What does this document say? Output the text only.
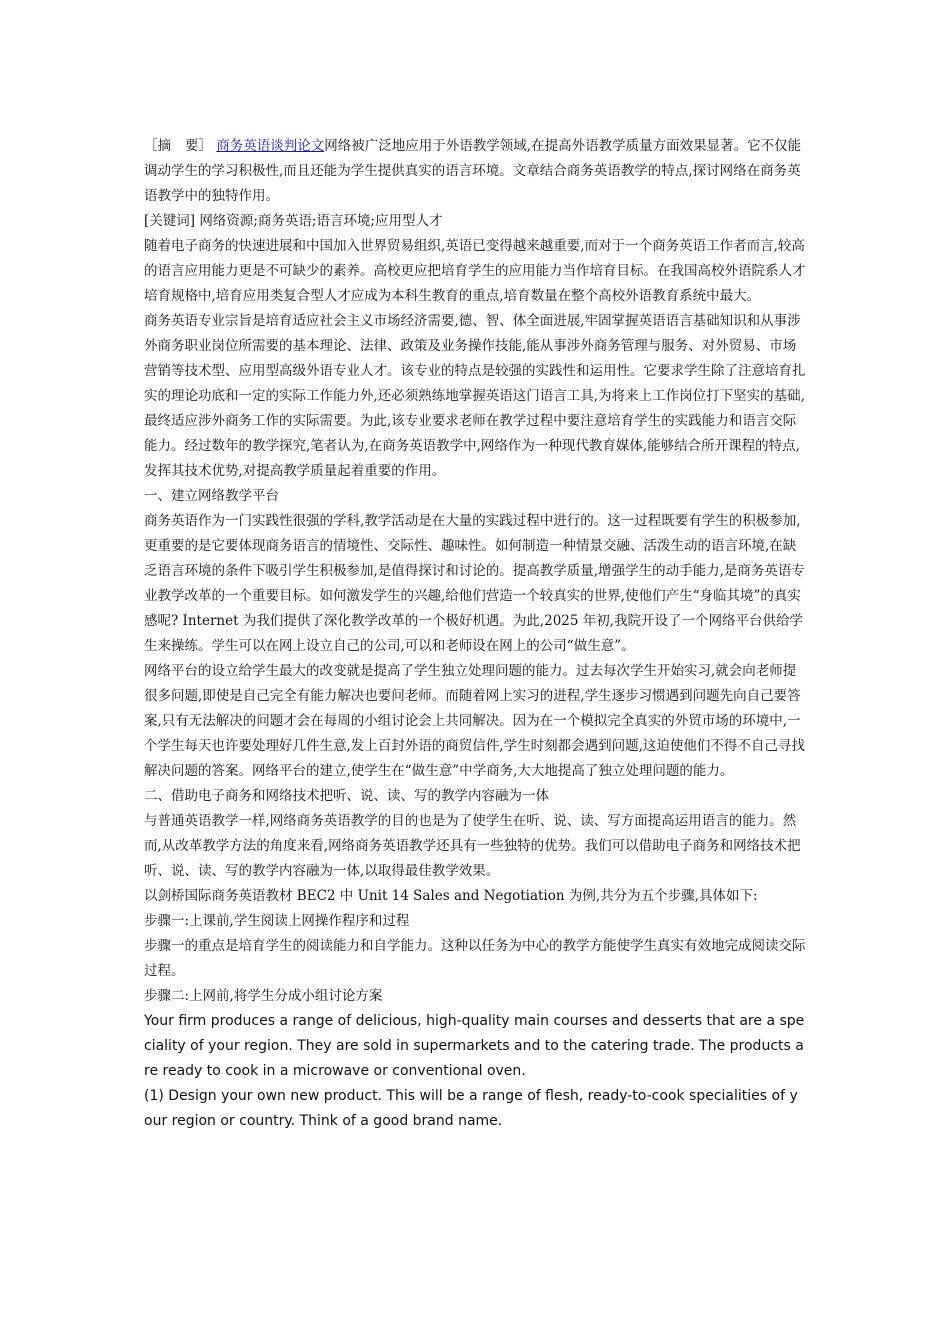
［摘 要］ 商务英语谈判论文网络被广泛地应用于外语教学领域,在提高外语教学质量方面效果显著。它不仅能调动学生的学习积极性,而且还能为学生提供真实的语言环境。文章结合商务英语教学的特点,探讨网络在商务英语教学中的独特作用。

[关键词] 网络资源;商务英语;语言环境;应用型人才

随着电子商务的快速进展和中国加入世界贸易组织,英语已变得越来越重要,而对于一个商务英语工作者而言,较高的语言应用能力更是不可缺少的素养。高校更应把培育学生的应用能力当作培育目标。在我国高校外语院系人才培育规格中,培育应用类复合型人才应成为本科生教育的重点,培育数量在整个高校外语教育系统中最大。

商务英语专业宗旨是培育适应社会主义市场经济需要,德、智、体全面进展,牢固掌握英语语言基础知识和从事涉外商务职业岗位所需要的基本理论、法律、政策及业务操作技能,能从事涉外商务管理与服务、对外贸易、市场营销等技术型、应用型高级外语专业人才。该专业的特点是较强的实践性和运用性。它要求学生除了注意培育扎实的理论功底和一定的实际工作能力外,还必须熟练地掌握英语这门语言工具,为将来上工作岗位打下坚实的基础,最终适应涉外商务工作的实际需要。为此,该专业要求老师在教学过程中要注意培育学生的实践能力和语言交际能力。经过数年的教学探究,笔者认为,在商务英语教学中,网络作为一种现代教育媒体,能够结合所开课程的特点,发挥其技术优势,对提高教学质量起着重要的作用。

一、建立网络教学平台

商务英语作为一门实践性很强的学科,教学活动是在大量的实践过程中进行的。这一过程既要有学生的积极参加,更重要的是它要体现商务语言的情境性、交际性、趣味性。如何制造一种情景交融、活泼生动的语言环境,在缺乏语言环境的条件下吸引学生积极参加,是值得探讨和讨论的。提高教学质量,增强学生的动手能力,是商务英语专业教学改革的一个重要目标。如何激发学生的兴趣,给他们营造一个较真实的世界,使他们产生“身临其境”的真实感呢? Internet 为我们提供了深化教学改革的一个极好机遇。为此,2025 年初,我院开设了一个网络平台供给学生来操练。学生可以在网上设立自己的公司,可以和老师设在网上的公司“做生意”。

网络平台的设立给学生最大的改变就是提高了学生独立处理问题的能力。过去每次学生开始实习,就会向老师提很多问题,即使是自己完全有能力解决也要问老师。而随着网上实习的进程,学生逐步习惯遇到问题先向自己要答案,只有无法解决的问题才会在每周的小组讨论会上共同解决。因为在一个模拟完全真实的外贸市场的环境中,一个学生每天也许要处理好几件生意,发上百封外语的商贸信件,学生时刻都会遇到问题,这迫使他们不得不自己寻找解决问题的答案。网络平台的建立,使学生在“做生意”中学商务,大大地提高了独立处理问题的能力。

二、借助电子商务和网络技术把听、说、读、写的教学内容融为一体

与普通英语教学一样,网络商务英语教学的目的也是为了使学生在听、说、读、写方面提高运用语言的能力。然而,从改革教学方法的角度来看,网络商务英语教学还具有一些独特的优势。我们可以借助电子商务和网络技术把听、说、读、写的教学内容融为一体,以取得最佳教学效果。

以剑桥国际商务英语教材 BEC2 中 Unit 14 Sales and Negotiation 为例,共分为五个步骤,具体如下:

步骤一:上课前,学生阅读上网操作程序和过程

步骤一的重点是培育学生的阅读能力和自学能力。这种以任务为中心的教学方能使学生真实有效地完成阅读交际过程。

步骤二:上网前,将学生分成小组讨论方案

Your firm produces a range of delicious, high-quality main courses and desserts that are a speciality of your region. They are sold in supermarkets and to the catering trade. The products are ready to cook in a microwave or conventional oven.

(1) Design your own new product. This will be a range of flesh, ready-to-cook specialities of your region or country. Think of a good brand name.
